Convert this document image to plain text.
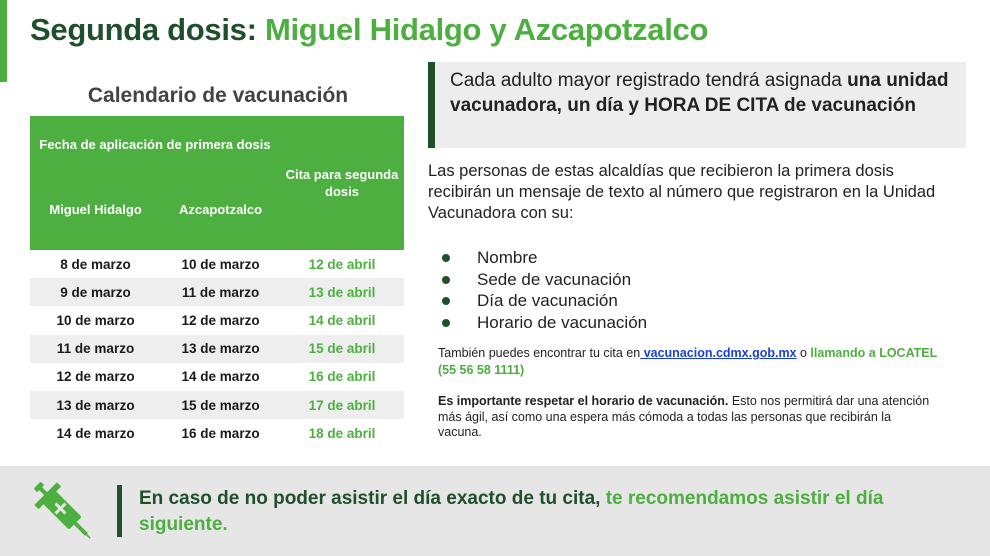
Segunda dosis: Miguel Hidalgo y Azcapotzalco
Calendario de vacunación
Fecha de aplicación de primera dosis		Cita para segunda dosis
Miguel Hidalgo	Azcapotzalco	
8 de marzo	10 de marzo	12 de abril
9 de marzo	11 de marzo	13 de abril
10 de marzo	12 de marzo	14 de abril
11 de marzo	13 de marzo	15 de abril
12 de marzo	14 de marzo	16 de abril
13 de marzo	15 de marzo	17 de abril
14 de marzo	16 de marzo	18 de abril
Cada adulto mayor registrado tendrá asignada una unidad vacunadora, un día y HORA DE CITA de vacunación

Las personas de estas alcaldías que recibieron la primera dosis recibirán un mensaje de texto al número que registraron en la Unidad Vacunadora con su:

Nombre
Sede de vacunación
Día de vacunación
Horario de vacunación

También puedes encontrar tu cita en vacunacion.cdmx.gob.mx o llamando a LOCATEL (55 56 58 1111)

Es importante respetar el horario de vacunación. Esto nos permitirá dar una atención más ágil, así como una espera más cómoda a todas las personas que recibirán la vacuna.

En caso de no poder asistir el día exacto de tu cita, te recomendamos asistir el día siguiente.
